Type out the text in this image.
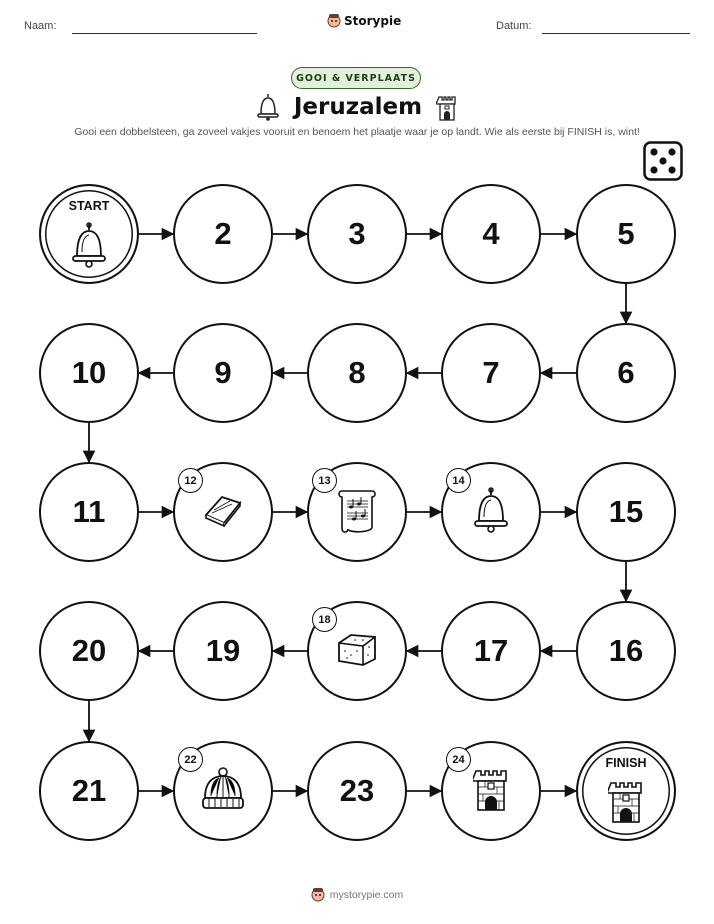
Naam:	Storypie	Datum:
GOOI & VERPLAATS
Jeruzalem
Gooi een dobbelsteen, ga zoveel vakjes vooruit en benoem het plaatje waar je op landt. Wie als eerste bij FINISH is, wint!
START
2	3	4	5
6
7
8
9
10
11
12	13	14
15
16
17
18
19
20
21
22
23
24	FINISH
mystorypie.com
